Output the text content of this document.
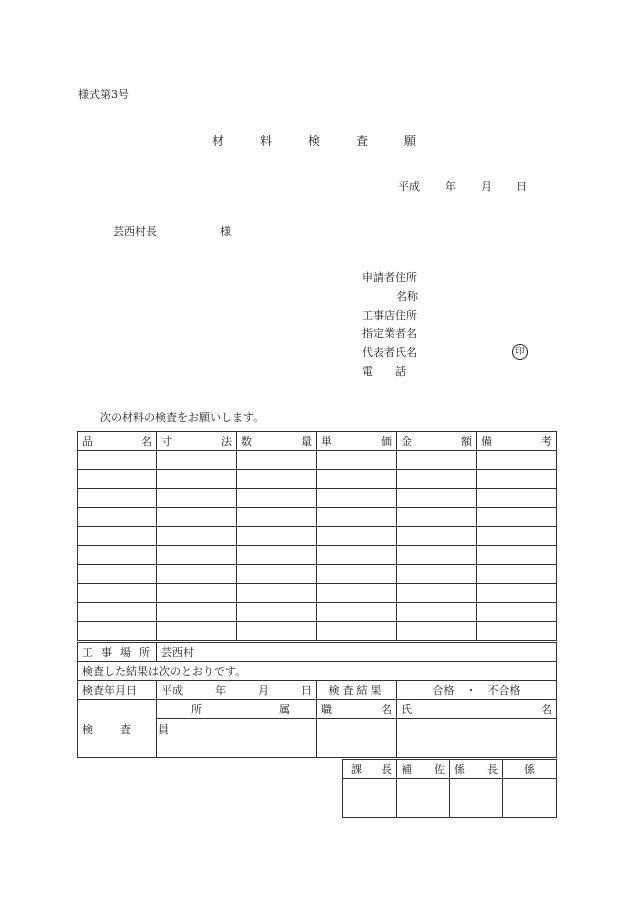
様式第3号
材	料	検	査	願
平成 年 月 日
芸西村長	様
申請者住所
名称
工事店住所
指定業者名
代表者氏名
電　　話
印
次の材料の検査をお願いします。
品 名	寸 法	数 量	単 価	金 額	備 考

工事場所	芸西村		
検査した結果は次のとおりです。			
検査年月日	平成 年 月 日	検査結果	合格　・　不合格
検　査　員	所 属	職 名	氏 名

課 長	補 佐	係 長	係
